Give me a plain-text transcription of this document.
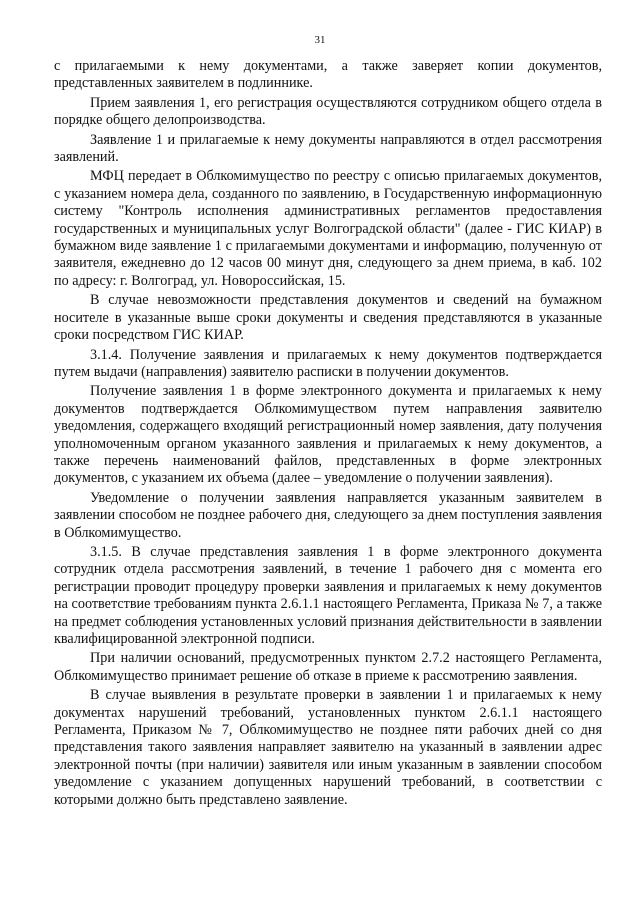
31

с прилагаемыми к нему документами, а также заверяет копии документов, представленных заявителем в подлиннике.

Прием заявления 1, его регистрация осуществляются сотрудником общего отдела в порядке общего делопроизводства.

Заявление 1 и прилагаемые к нему документы направляются в отдел рассмотрения заявлений.

МФЦ передает в Облкомимущество по реестру с описью прилагаемых документов, с указанием номера дела, созданного по заявлению, в Государственную информационную систему "Контроль исполнения административных регламентов предоставления государственных и муниципальных услуг Волгоградской области" (далее - ГИС КИАР) в бумажном виде заявление 1 с прилагаемыми документами и информацию, полученную от заявителя, ежедневно до 12 часов 00 минут дня, следующего за днем приема, в каб. 102 по адресу: г. Волгоград, ул. Новороссийская, 15.

В случае невозможности представления документов и сведений на бумажном носителе в указанные выше сроки документы и сведения представляются в указанные сроки посредством ГИС КИАР.

3.1.4. Получение заявления и прилагаемых к нему документов подтверждается путем выдачи (направления) заявителю расписки в получении документов.

Получение заявления 1 в форме электронного документа и прилагаемых к нему документов подтверждается Облкомимуществом путем направления заявителю уведомления, содержащего входящий регистрационный номер заявления, дату получения уполномоченным органом указанного заявления и прилагаемых к нему документов, а также перечень наименований файлов, представленных в форме электронных документов, с указанием их объема (далее – уведомление о получении заявления).

Уведомление о получении заявления направляется указанным заявителем в заявлении способом не позднее рабочего дня, следующего за днем поступления заявления в Облкомимущество.

3.1.5. В случае представления заявления 1 в форме электронного документа сотрудник отдела рассмотрения заявлений, в течение 1 рабочего дня с момента его регистрации проводит процедуру проверки заявления и прилагаемых к нему документов на соответствие требованиям пункта 2.6.1.1 настоящего Регламента, Приказа № 7, а также на предмет соблюдения установленных условий признания действительности в заявлении квалифицированной электронной подписи.

При наличии оснований, предусмотренных пунктом 2.7.2 настоящего Регламента, Облкомимущество принимает решение об отказе в приеме к рассмотрению заявления.

В случае выявления в результате проверки в заявлении 1 и прилагаемых к нему документах нарушений требований, установленных пунктом 2.6.1.1 настоящего Регламента, Приказом № 7, Облкомимущество не позднее пяти рабочих дней со дня представления такого заявления направляет заявителю на указанный в заявлении адрес электронной почты (при наличии) заявителя или иным указанным в заявлении способом уведомление с указанием допущенных нарушений требований, в соответствии с которыми должно быть представлено заявление.
